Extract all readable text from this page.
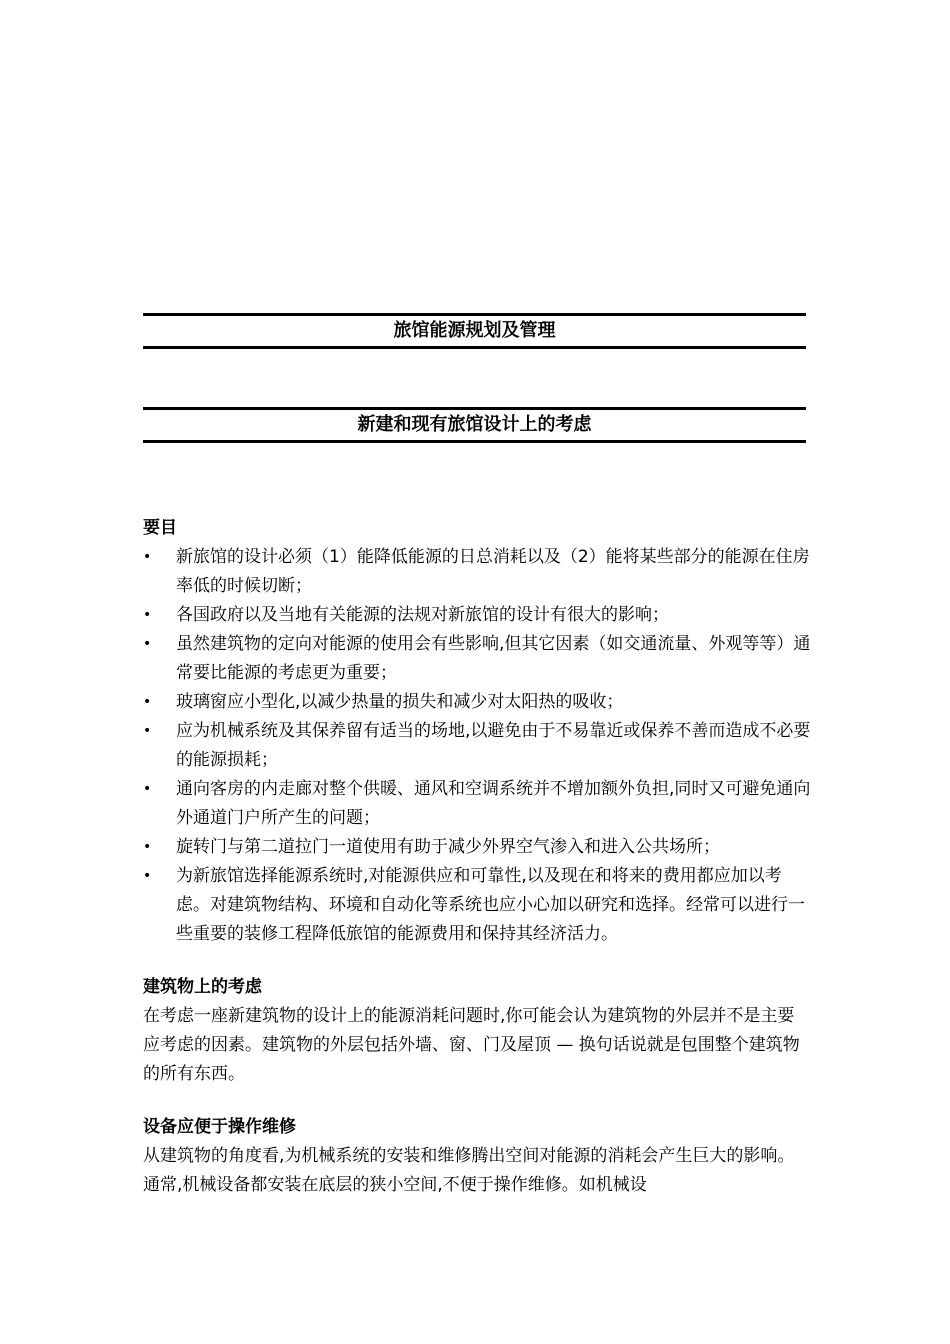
旅馆能源规划及管理
新建和现有旅馆设计上的考虑
要目
• 新旅馆的设计必须（1）能降低能源的日总消耗以及（2）能将某些部分的能源在住房率低的时候切断；
• 各国政府以及当地有关能源的法规对新旅馆的设计有很大的影响；
• 虽然建筑物的定向对能源的使用会有些影响,但其它因素（如交通流量、外观等等）通常要比能源的考虑更为重要；
• 玻璃窗应小型化,以减少热量的损失和减少对太阳热的吸收；
• 应为机械系统及其保养留有适当的场地,以避免由于不易靠近或保养不善而造成不必要的能源损耗；
• 通向客房的内走廊对整个供暖、通风和空调系统并不增加额外负担,同时又可避免通向外通道门户所产生的问题；
• 旋转门与第二道拉门一道使用有助于减少外界空气渗入和进入公共场所；
• 为新旅馆选择能源系统时,对能源供应和可靠性,以及现在和将来的费用都应加以考虑。对建筑物结构、环境和自动化等系统也应小心加以研究和选择。经常可以进行一些重要的装修工程降低旅馆的能源费用和保持其经济活力。
建筑物上的考虑

在考虑一座新建筑物的设计上的能源消耗问题时,你可能会认为建筑物的外层并不是主要应考虑的因素。建筑物的外层包括外墙、窗、门及屋顶 — 换句话说就是包围整个建筑物的所有东西。

设备应便于操作维修

从建筑物的角度看,为机械系统的安装和维修腾出空间对能源的消耗会产生巨大的影响。通常,机械设备都安装在底层的狭小空间,不便于操作维修。如机械设
